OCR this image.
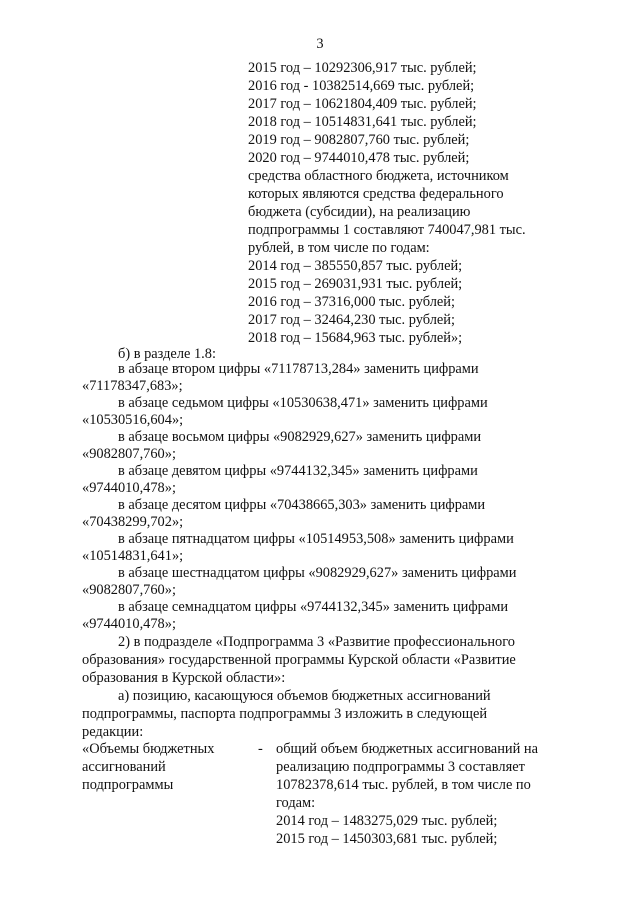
3
2015 год – 10292306,917 тыс. рублей;
2016 год - 10382514,669 тыс. рублей;
2017 год – 10621804,409 тыс. рублей;
2018 год – 10514831,641 тыс. рублей;
2019 год – 9082807,760 тыс. рублей;
2020 год – 9744010,478 тыс. рублей;
средства областного бюджета, источником
которых являются средства федерального
бюджета (субсидии), на реализацию
подпрограммы 1 составляют 740047,981 тыс.
рублей, в том числе по годам:
2014 год – 385550,857 тыс. рублей;
2015 год – 269031,931 тыс. рублей;
2016 год – 37316,000 тыс. рублей;
2017 год – 32464,230 тыс. рублей;
2018 год – 15684,963 тыс. рублей»;
б) в разделе 1.8:
в абзаце вторoм цифры «71178713,284» заменить цифрами
«71178347,683»;
в абзаце седьмом цифры «10530638,471» заменить цифрами
«10530516,604»;
в абзаце восьмом цифры «9082929,627» заменить цифрами
«9082807,760»;
в абзаце девятом цифры «9744132,345» заменить цифрами
«9744010,478»;
в абзаце десятом цифры «70438665,303» заменить цифрами
«70438299,702»;
в абзаце пятнадцатом цифры «10514953,508» заменить цифрами
«10514831,641»;
в абзаце шестнадцатом цифры «9082929,627» заменить цифрами
«9082807,760»;
в абзаце семнадцатом цифры «9744132,345» заменить цифрами
«9744010,478»;
2) в подразделе «Подпрограмма 3 «Развитие профессионального
образования» государственной программы Курской области «Развитие
образования в Курской области»:
а) позицию, касающуюся объемов бюджетных ассигнований
подпрограммы, паспорта подпрограммы 3 изложить в следующей
редакции:
«Объемы бюджетных
ассигнований
подпрограммы
- общий объем бюджетных ассигнований на
реализацию подпрограммы 3 составляет
10782378,614 тыс. рублей, в том числе по
годам:
2014 год – 1483275,029 тыс. рублей;
2015 год – 1450303,681 тыс. рублей;
